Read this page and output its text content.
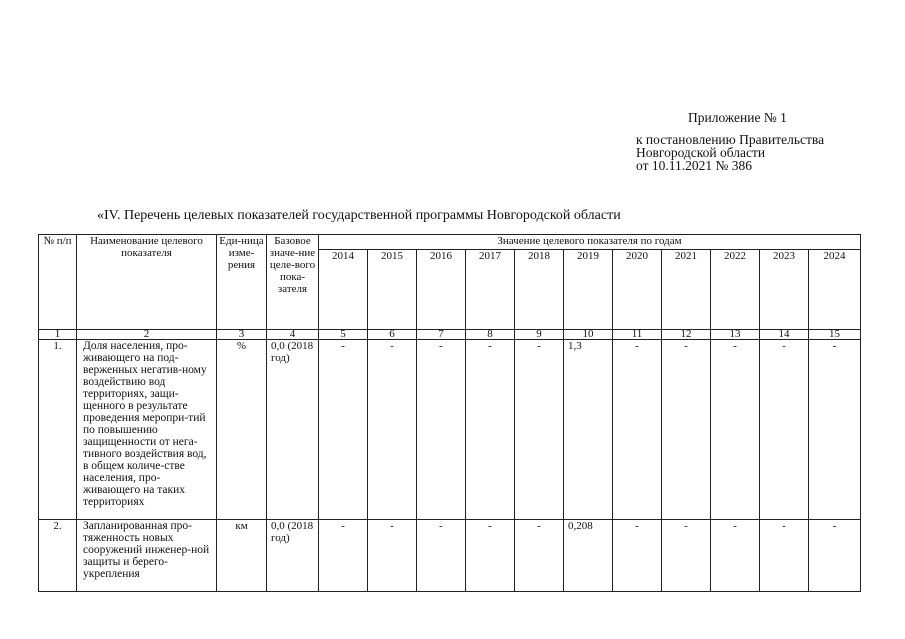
Приложение № 1
к постановлению Правительства
Новгородской области
от 10.11.2021 № 386
«IV. Перечень целевых показателей государственной программы Новгородской области
№ п/п	Наименование целевого показателя	Еди-ница изме-рения	Базовое значе-ние целе-вого пока-зателя	Значение целевого показателя по годам										
				2014	2015	2016	2017	2018	2019	2020	2021	2022	2023	2024
1	2	3	4	5	6	7	8	9	10	11	12	13	14	15
1.	Доля населения, про-живающего на под-верженных негатив-ному воздействию вод территориях, защи-щенного в результате проведения меропри-тий по повышению защищенности от нега-тивного воздействия вод, в общем количе-стве населения, про-живающего на таких территориях	%	0,0 (2018 год)	-	-	-	-	-	1,3	-	-	-	-	-
2.	Запланированная про-тяженность новых сооружений инженер-ной защиты и берего-укрепления	км	0,0 (2018 год)	-	-	-	-	-	0,208	-	-	-	-	-
